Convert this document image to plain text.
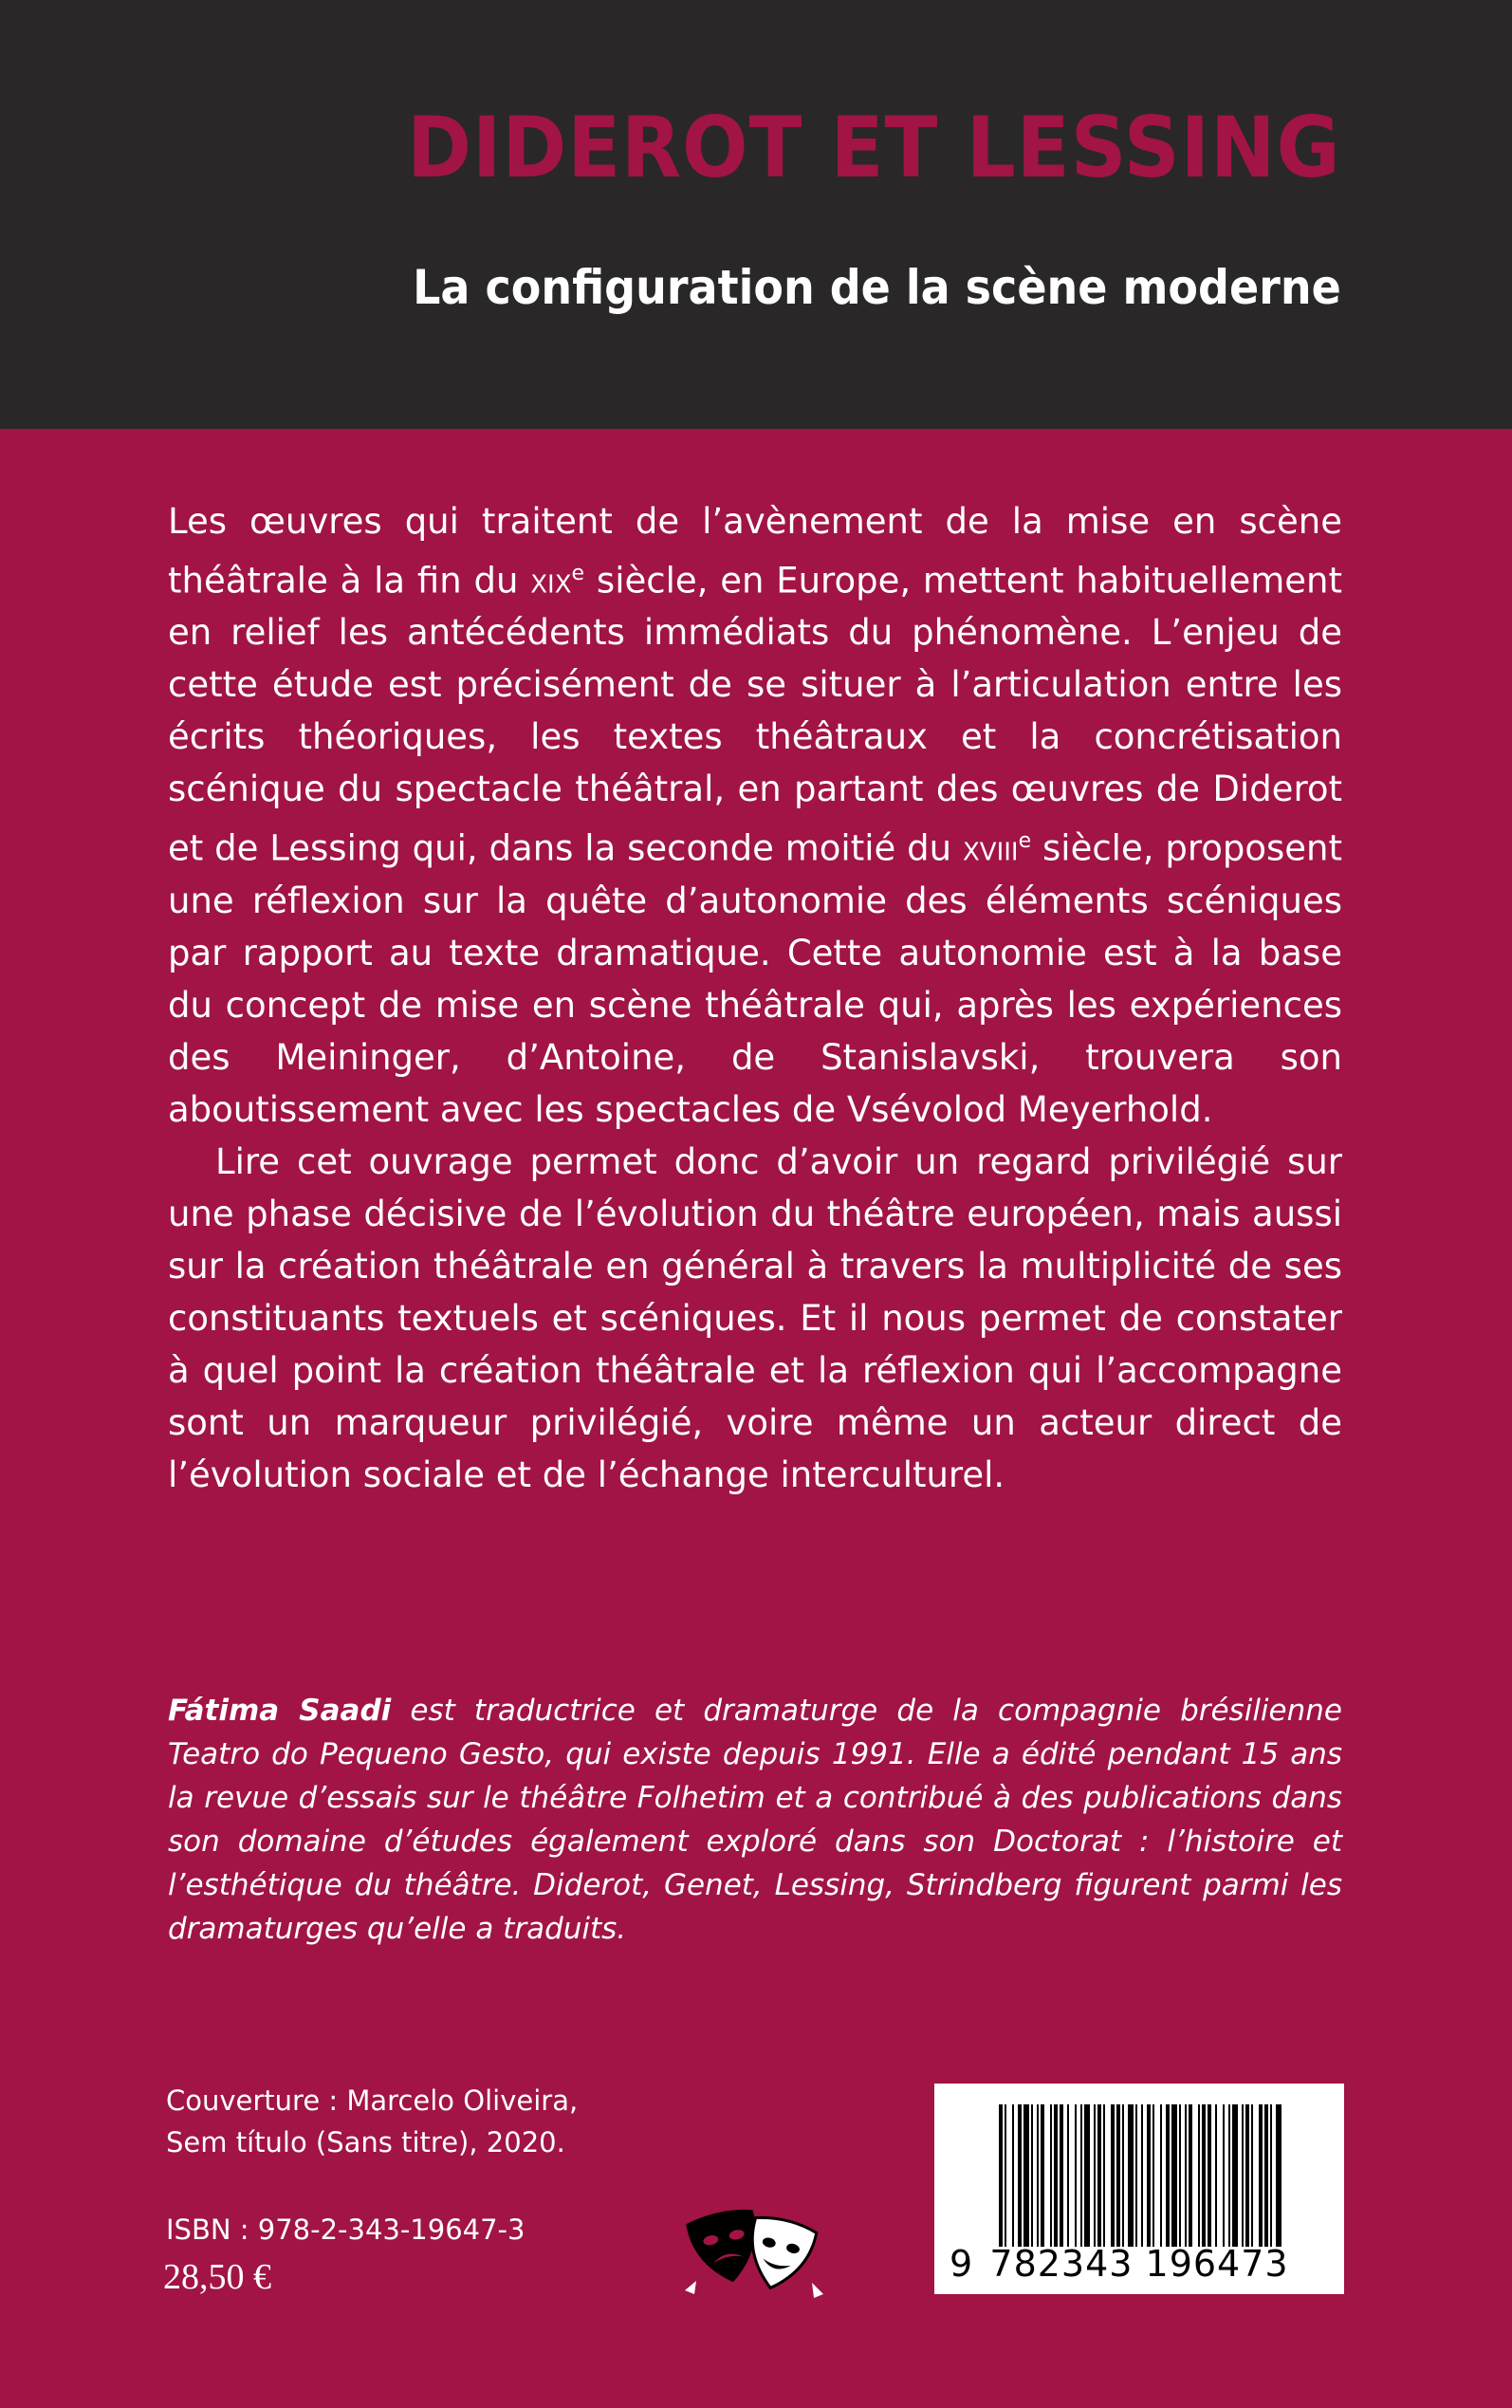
DIDEROT ET LESSING
La configuration de la scène moderne

Les œuvres qui traitent de l’avènement de la mise en scène théâtrale à la fin du xix$^e$ siècle, en Europe, mettent habituellement en relief les antécédents immédiats du phénomène. L’enjeu de cette étude est précisément de se situer à l’articulation entre les écrits théoriques, les textes théâtraux et la concrétisation scénique du spectacle théâtral, en partant des œuvres de Diderot et de Lessing qui, dans la seconde moitié du xviii$^e$ siècle, proposent une réflexion sur la quête d’autonomie des éléments scéniques par rapport au texte dramatique. Cette autonomie est à la base du concept de mise en scène théâtrale qui, après les expériences des Meininger, d’Antoine, de Stanislavski, trouvera son aboutissement avec les spectacles de Vsévolod Meyerhold.

Lire cet ouvrage permet donc d’avoir un regard privilégié sur une phase décisive de l’évolution du théâtre européen, mais aussi sur la création théâtrale en général à travers la multiplicité de ses constituants textuels et scéniques. Et il nous permet de constater à quel point la création théâtrale et la réflexion qui l’accompagne sont un marqueur privilégié, voire même un acteur direct de l’évolution sociale et de l’échange interculturel.

Fátima Saadi est traductrice et dramaturge de la compagnie brésilienne Teatro do Pequeno Gesto, qui existe depuis 1991. Elle a édité pendant 15 ans la revue d’essais sur le théâtre Folhetim et a contribué à des publications dans son domaine d’études également exploré dans son Doctorat : l’histoire et l’esthétique du théâtre. Diderot, Genet, Lessing, Strindberg figurent parmi les dramaturges qu’elle a traduits.
Couverture : Marcelo Oliveira,
Sem título (Sans titre), 2020.
ISBN : 978-2-343-19647-3
28,50 €	9 782343 196473
